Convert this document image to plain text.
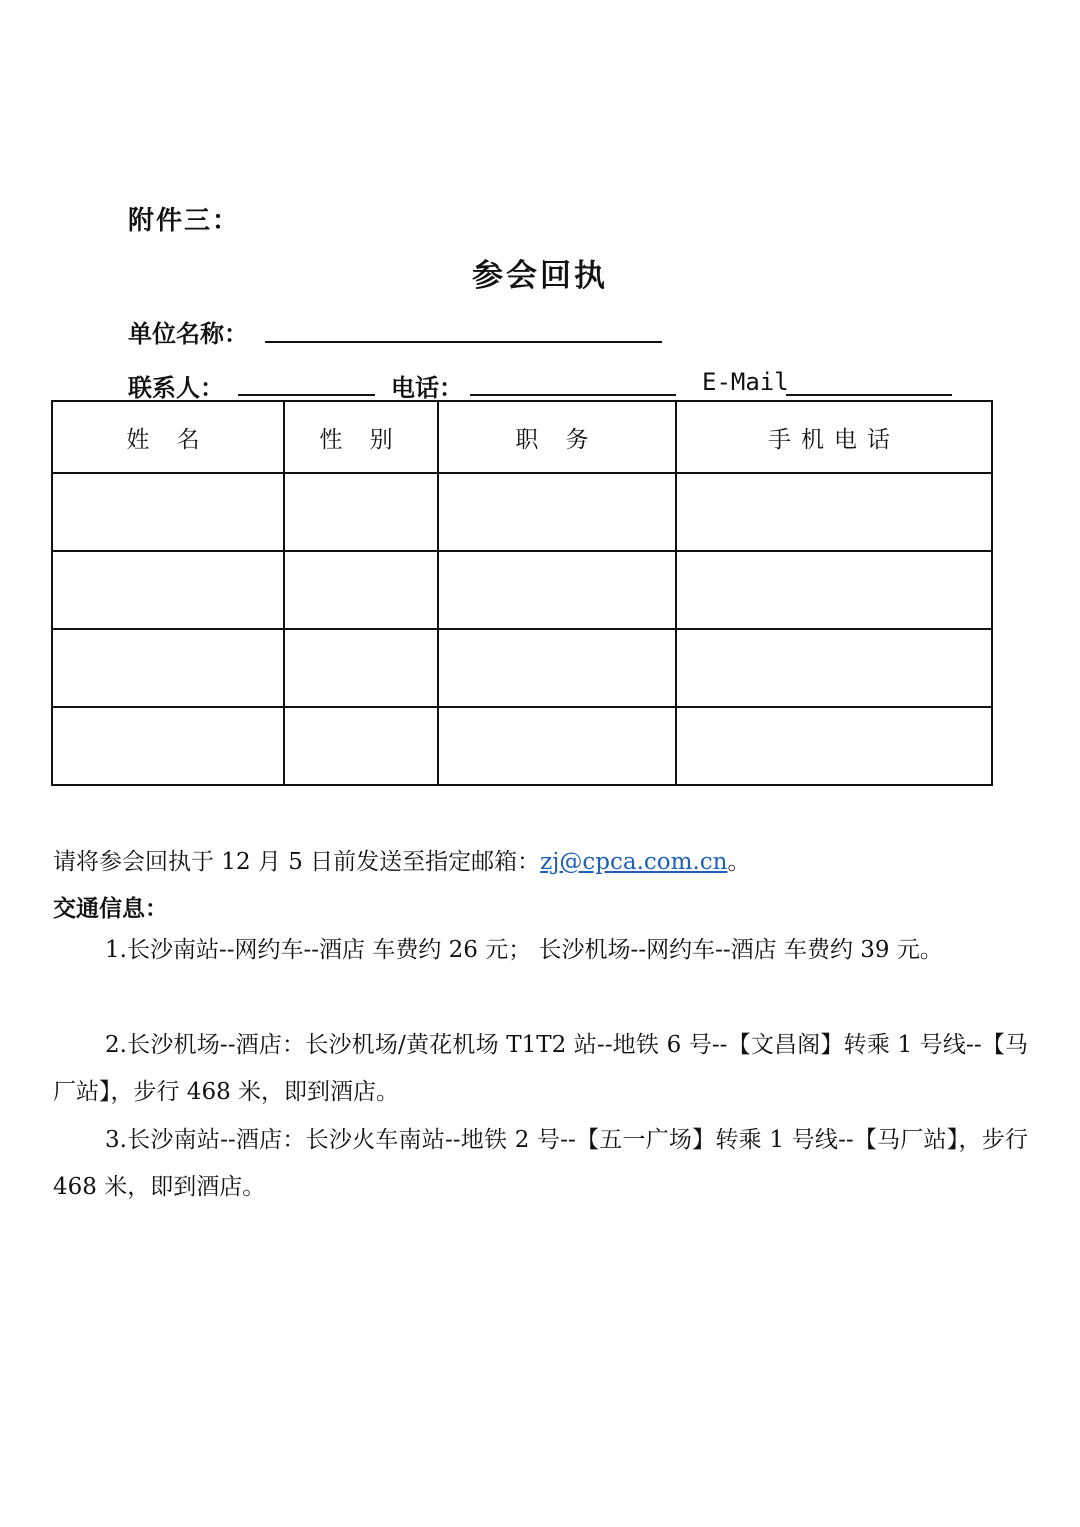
附件三：
参会回执
单位名称：
联系人：	电话：	E-Mail
姓 名	性 别	职 务	手机电话

请将参会回执于 12 月 5 日前发送至指定邮箱：zj@cpca.com.cn。
交通信息：
1.长沙南站--网约车--酒店 车费约 26 元； 长沙机场--网约车--酒店 车费约 39 元。
2.长沙机场--酒店：长沙机场/黄花机场 T1T2 站--地铁 6 号--【文昌阁】转乘 1 号线--【马厂站】，步行 468 米，即到酒店。
3.长沙南站--酒店：长沙火车南站--地铁 2 号--【五一广场】转乘 1 号线--【马厂站】，步行 468 米，即到酒店。
